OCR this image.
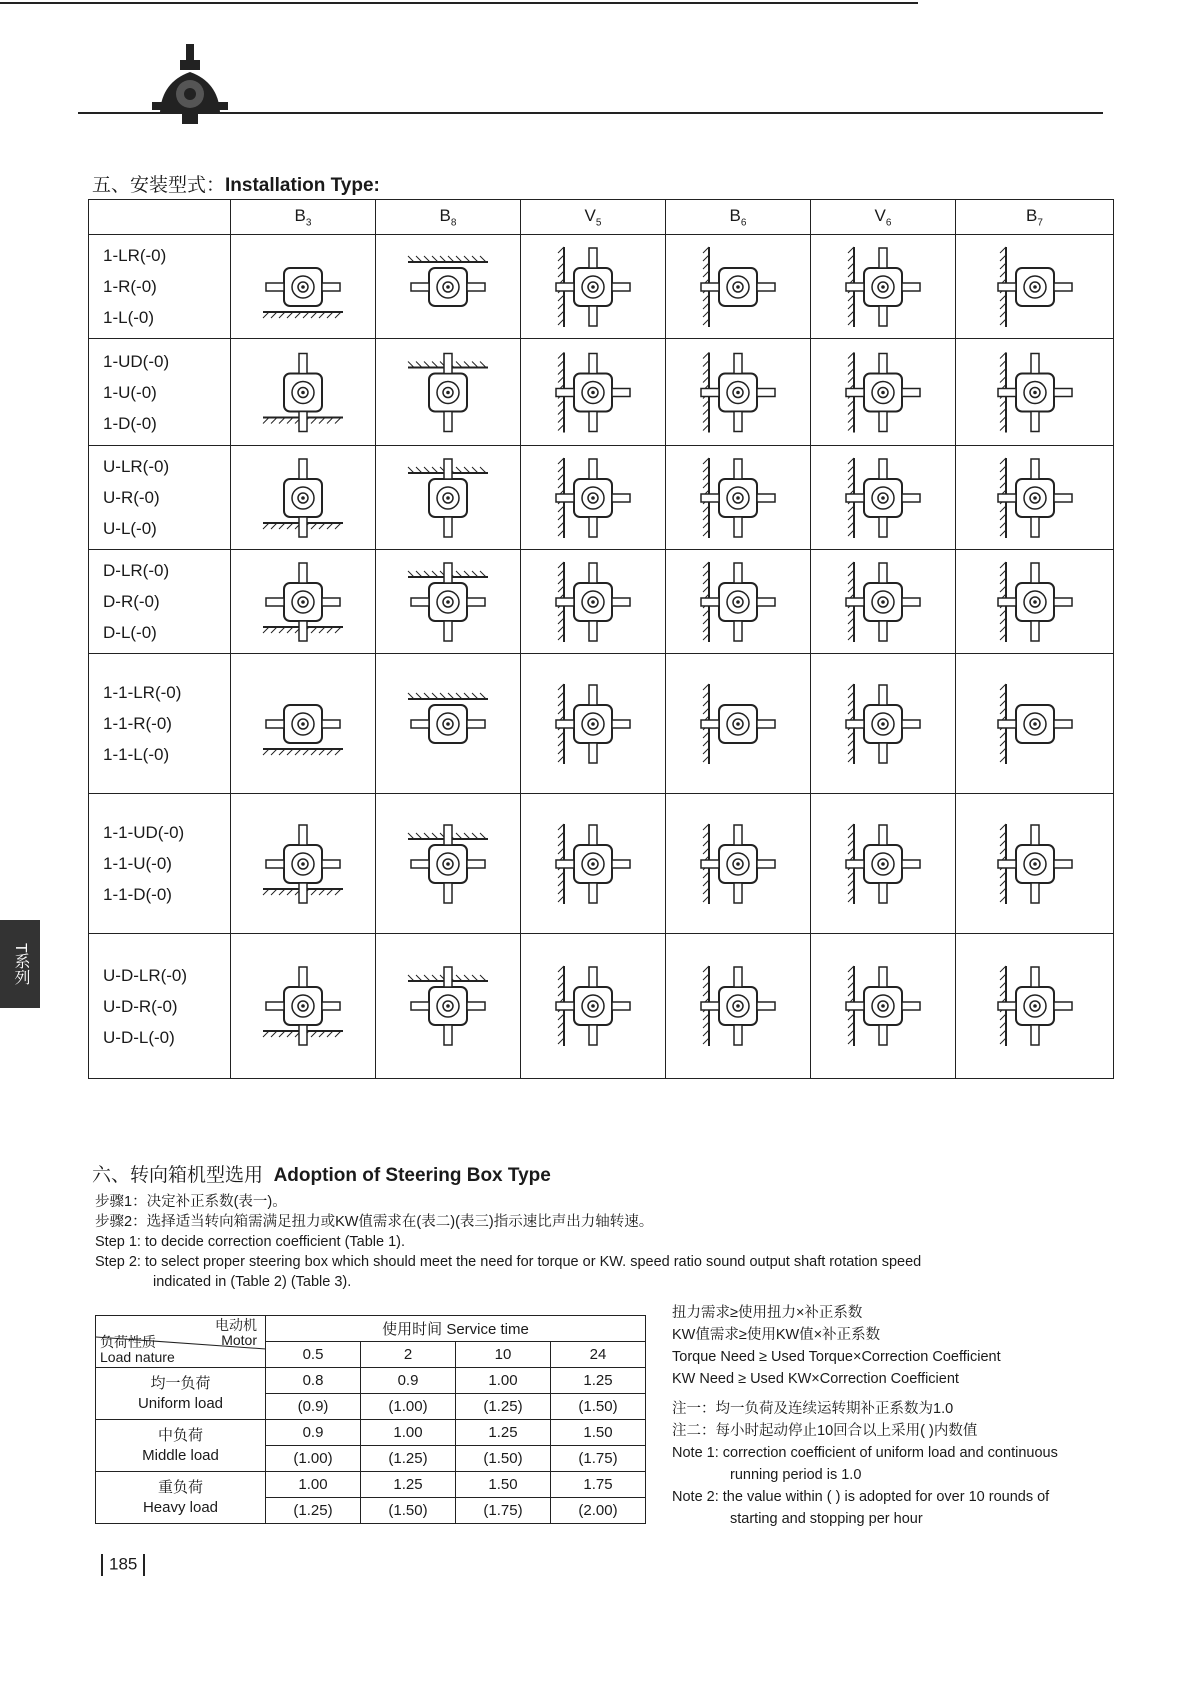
T系列
五、安装型式：Installation Type:
	$B_3$	$B_8$	$V_5$	$B_6$	$V_6$	$B_7$

1-LR(-0)
1-R(-0)
1-L(-0)

1-UD(-0)
1-U(-0)
1-D(-0)

U-LR(-0)
U-R(-0)
U-L(-0)

D-LR(-0)
D-R(-0)
D-L(-0)

1-1-LR(-0)
1-1-R(-0)
1-1-L(-0)

1-1-UD(-0)
1-1-U(-0)
1-1-D(-0)

U-D-LR(-0)
U-D-R(-0)
U-D-L(-0)

六、转向箱机型选用 Adoption of Steering Box Type
步骤1：决定补正系数(表一)。
步骤2：选择适当转向箱需满足扭力或KW值需求在(表二)(表三)指示速比声出力轴转速。
Step 1: to decide correction coefficient (Table 1).
Step 2: to select proper steering box which should meet the need for torque or KW. speed ratio sound output shaft rotation speed
indicated in (Table 2) (Table 3).
电动机
Motor
负荷性质
Load nature	使用时间 Service time			
	0.5	2	10	24

均一负荷
Uniform load	0.8	0.9	1.00	1.25
	(0.9)	(1.00)	(1.25)	(1.50)

中负荷
Middle load	0.9	1.00	1.25	1.50
	(1.00)	(1.25)	(1.50)	(1.75)

重负荷
Heavy load	1.00	1.25	1.50	1.75
	(1.25)	(1.50)	(1.75)	(2.00)
扭力需求≥使用扭力×补正系数
KW值需求≥使用KW值×补正系数
Torque Need ≥ Used Torque×Correction Coefficient
KW Need ≥ Used KW×Correction Coefficient
注一：均一负荷及连续运转期补正系数为1.0
注二：每小时起动停止10回合以上采用( )内数值
Note 1: correction coefficient of uniform load and continuous
running period is 1.0
Note 2: the value within ( ) is adopted for over 10 rounds of
starting and stopping per hour
185
